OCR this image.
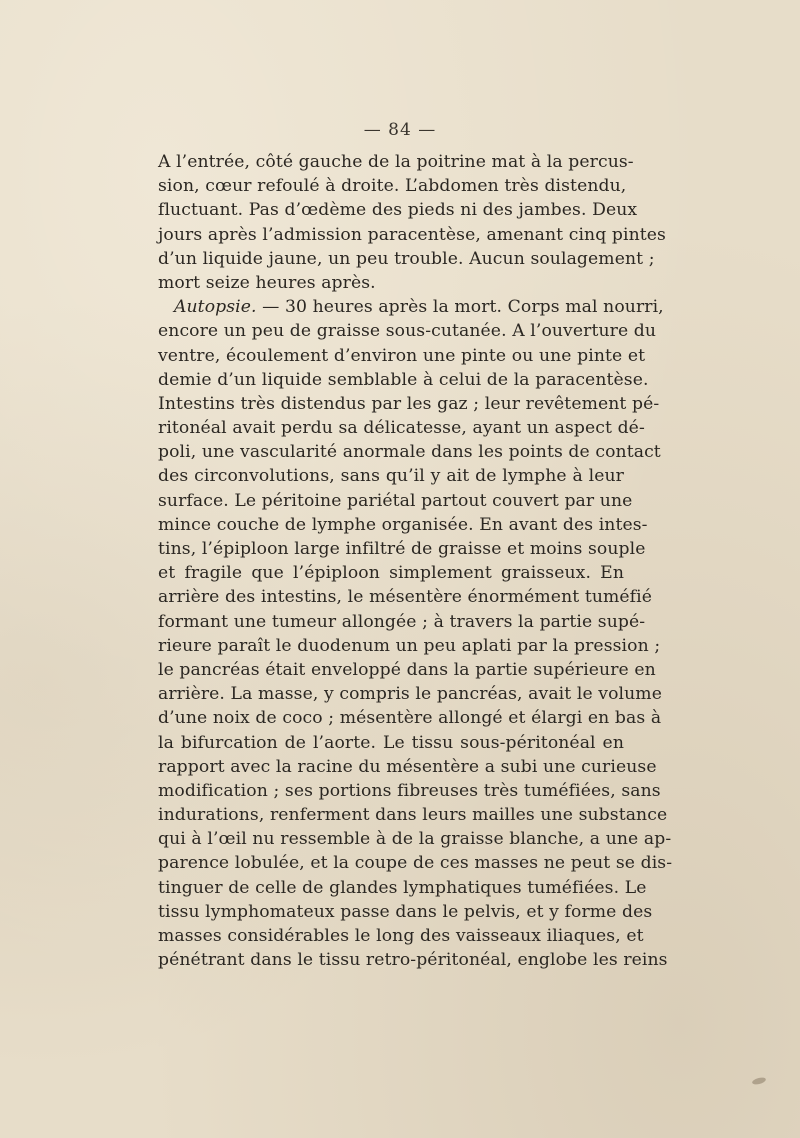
— 84 —
A l’entrée, côté gauche de la poitrine mat à la percus-
sion, cœur refoulé à droite. L’abdomen très distendu,
fluctuant. Pas d’œdème des pieds ni des jambes. Deux
jours après l’admission paracentèse, amenant cinq pintes
d’un liquide jaune, un peu trouble. Aucun soulagement ;
mort seize heures après.
Autopsie. — 30 heures après la mort. Corps mal nourri,
encore un peu de graisse sous-cutanée. A l’ouverture du
ventre, écoulement d’environ une pinte ou une pinte et
demie d’un liquide semblable à celui de la paracentèse.
Intestins très distendus par les gaz ; leur revêtement pé-
ritonéal avait perdu sa délicatesse, ayant un aspect dé-
poli, une vascularité anormale dans les points de contact
des circonvolutions, sans qu’il y ait de lymphe à leur
surface. Le péritoine pariétal partout couvert par une
mince couche de lymphe organisée. En avant des intes-
tins, l’épiploon large infiltré de graisse et moins souple
et fragile que l’épiploon simplement graisseux. En
arrière des intestins, le mésentère énormément tuméfié
formant une tumeur allongée ; à travers la partie supé-
rieure paraît le duodenum un peu aplati par la pression ;
le pancréas était enveloppé dans la partie supérieure en
arrière. La masse, y compris le pancréas, avait le volume
d’une noix de coco ; mésentère allongé et élargi en bas à
la bifurcation de l’aorte. Le tissu sous-péritonéal en
rapport avec la racine du mésentère a subi une curieuse
modification ; ses portions fibreuses très tuméfiées, sans
indurations, renferment dans leurs mailles une substance
qui à l’œil nu ressemble à de la graisse blanche, a une ap-
parence lobulée, et la coupe de ces masses ne peut se dis-
tinguer de celle de glandes lymphatiques tuméfiées. Le
tissu lymphomateux passe dans le pelvis, et y forme des
masses considérables le long des vaisseaux iliaques, et
pénétrant dans le tissu retro-péritonéal, englobe les reins
